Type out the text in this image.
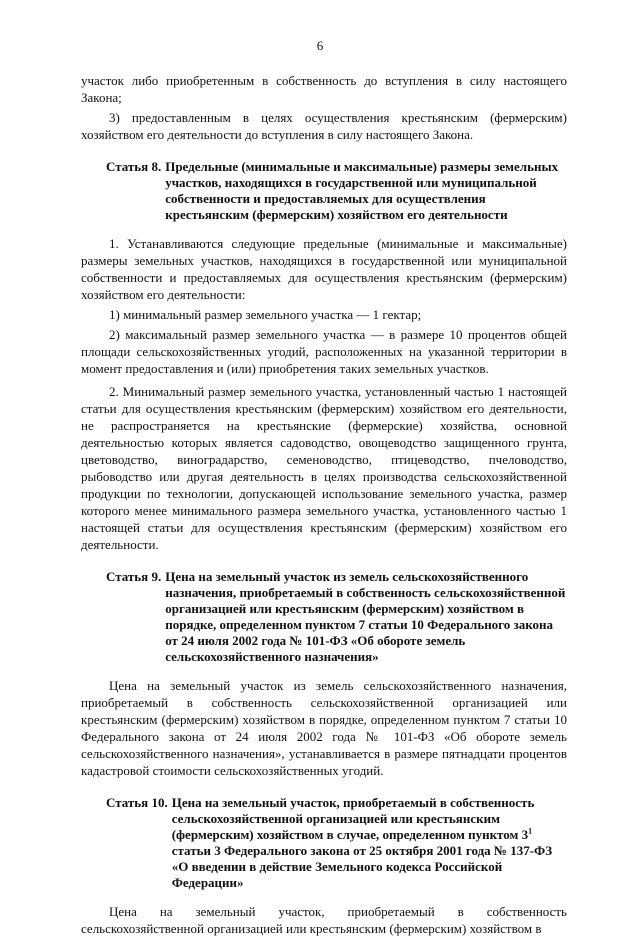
6

участок либо приобретенным в собственность до вступления в силу настоящего Закона;

3) предоставленным в целях осуществления крестьянским (фермерским) хозяйством его деятельности до вступления в силу настоящего Закона.

Статья 8. Предельные (минимальные и максимальные) размеры земельных участков, находящихся в государственной или муниципальной собственности и предоставляемых для осуществления крестьянским (фермерским) хозяйством его деятельности

1. Устанавливаются следующие предельные (минимальные и максимальные) размеры земельных участков, находящихся в государственной или муниципальной собственности и предоставляемых для осуществления крестьянским (фермерским) хозяйством его деятельности:

1) минимальный размер земельного участка — 1 гектар;

2) максимальный размер земельного участка — в размере 10 процентов общей площади сельскохозяйственных угодий, расположенных на указанной территории в момент предоставления и (или) приобретения таких земельных участков.

2. Минимальный размер земельного участка, установленный частью 1 настоящей статьи для осуществления крестьянским (фермерским) хозяйством его деятельности, не распространяется на крестьянские (фермерские) хозяйства, основной деятельностью которых является садоводство, овощеводство защищенного грунта, цветоводство, виноградарство, семеноводство, птицеводство, пчеловодство, рыбоводство или другая деятельность в целях производства сельскохозяйственной продукции по технологии, допускающей использование земельного участка, размер которого менее минимального размера земельного участка, установленного частью 1 настоящей статьи для осуществления крестьянским (фермерским) хозяйством его деятельности.

Статья 9. Цена на земельный участок из земель сельскохозяйственного назначения, приобретаемый в собственность сельскохозяйственной организацией или крестьянским (фермерским) хозяйством в порядке, определенном пунктом 7 статьи 10 Федерального закона от 24 июля 2002 года № 101-ФЗ «Об обороте земель сельскохозяйственного назначения»

Цена на земельный участок из земель сельскохозяйственного назначения, приобретаемый в собственность сельскохозяйственной организацией или крестьянским (фермерским) хозяйством в порядке, определенном пунктом 7 статьи 10 Федерального закона от 24 июля 2002 года № 101-ФЗ «Об обороте земель сельскохозяйственного назначения», устанавливается в размере пятнадцати процентов кадастровой стоимости сельскохозяйственных угодий.

Статья 10. Цена на земельный участок, приобретаемый в собственность сельскохозяйственной организацией или крестьянским (фермерским) хозяйством в случае, определенном пунктом $3^1$ статьи 3 Федерального закона от 25 октября 2001 года № 137-ФЗ «О введении в действие Земельного кодекса Российской Федерации»

Цена на земельный участок, приобретаемый в собственность сельскохозяйственной организацией или крестьянским (фермерским) хозяйством в
